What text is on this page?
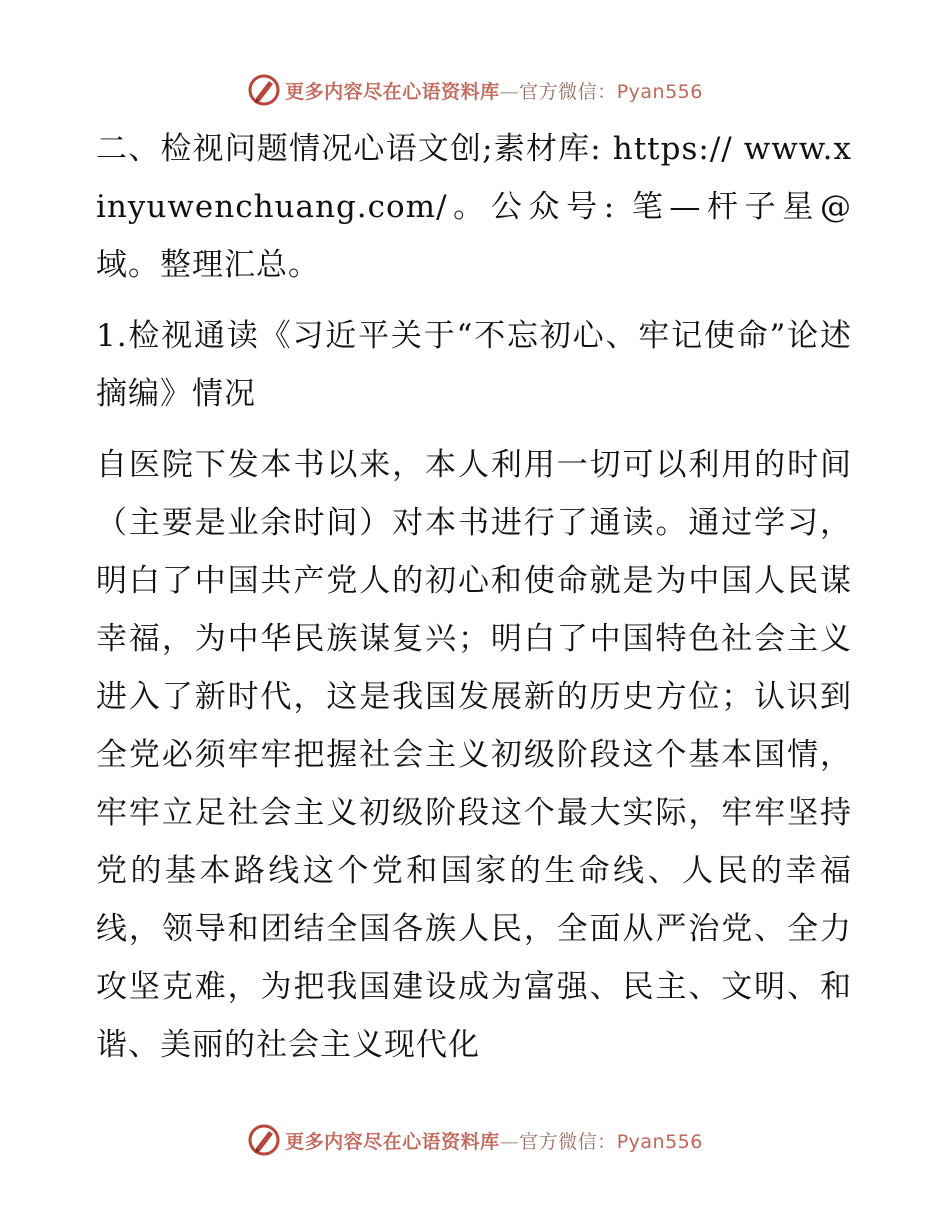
更多内容尽在心语资料库—官方微信：Pyan556

二、检视问题情况心语文创;素材库: https:// www.xinyuwenchuang.com/。公众号: 笔—杆子星@域。整理汇总。

1.检视通读《习近平关于“不忘初心、牢记使命”论述摘编》情况

自医院下发本书以来，本人利用一切可以利用的时间（主要是业余时间）对本书进行了通读。通过学习，明白了中国共产党人的初心和使命就是为中国人民谋幸福，为中华民族谋复兴；明白了中国特色社会主义进入了新时代，这是我国发展新的历史方位；认识到全党必须牢牢把握社会主义初级阶段这个基本国情，牢牢立足社会主义初级阶段这个最大实际，牢牢坚持党的基本路线这个党和国家的生命线、人民的幸福线，领导和团结全国各族人民，全面从严治党、全力攻坚克难，为把我国建设成为富强、民主、文明、和谐、美丽的社会主义现代化

更多内容尽在心语资料库—官方微信：Pyan556
